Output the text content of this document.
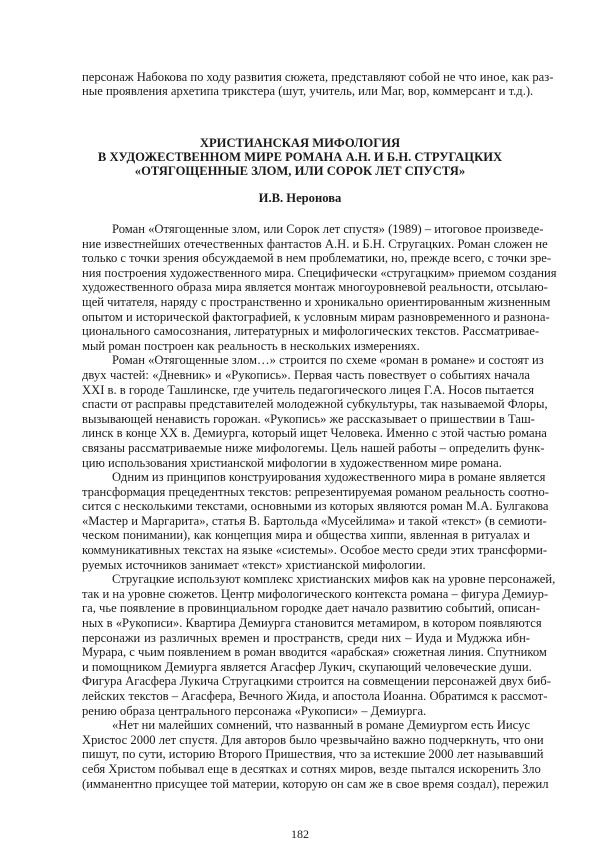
персонаж Набокова по ходу развития сюжета, представляют собой не что иное, как раз-
ные проявления архетипа трикстера (шут, учитель, или Маг, вор, коммерсант и т.д.).
ХРИСТИАНСКАЯ МИФОЛОГИЯ
В ХУДОЖЕСТВЕННОМ МИРЕ РОМАНА А.Н. И Б.Н. СТРУГАЦКИХ
«ОТЯГОЩЕННЫЕ ЗЛОМ, ИЛИ СОРОК ЛЕТ СПУСТЯ»
И.В. Неронова
Роман «Отягощенные злом, или Сорок лет спустя» (1989) – итоговое произведе-
ние известнейших отечественных фантастов А.Н. и Б.Н. Стругацких. Роман сложен не
только с точки зрения обсуждаемой в нем проблематики, но, прежде всего, с точки зре-
ния построения художественного мира. Специфически «стругацким» приемом создания
художественного образа мира является монтаж многоуровневой реальности, отсылаю-
щей читателя, наряду с пространственно и хроникально ориентированным жизненным
опытом и исторической фактографией, к условным мирам разновременного и разнона-
ционального самосознания, литературных и мифологических текстов. Рассматривае-
мый роман построен как реальность в нескольких измерениях.
Роман «Отягощенные злом…» строится по схеме «роман в романе» и состоят из
двух частей: «Дневник» и «Рукопись». Первая часть повествует о событиях начала
XXI в. в городе Ташлинске, где учитель педагогического лицея Г.А. Носов пытается
спасти от расправы представителей молодежной субкультуры, так называемой Флоры,
вызывающей ненависть горожан. «Рукопись» же рассказывает о пришествии в Таш-
линск в конце XX в. Демиурга, который ищет Человека. Именно с этой частью романа
связаны рассматриваемые ниже мифологемы. Цель нашей работы – определить функ-
цию использования христианской мифологии в художественном мире романа.
Одним из принципов конструирования художественного мира в романе является
трансформация прецедентных текстов: репрезентируемая романом реальность соотно-
сится с несколькими текстами, основными из которых являются роман М.А. Булгакова
«Мастер и Маргарита», статья В. Бартольда «Мусейлима» и такой «текст» (в семиоти-
ческом понимании), как концепция мира и общества хиппи, явленная в ритуалах и
коммуникативных текстах на языке «системы». Особое место среди этих трансформи-
руемых источников занимает «текст» христианской мифологии.
Стругацкие используют комплекс христианских мифов как на уровне персонажей,
так и на уровне сюжетов. Центр мифологического контекста романа – фигура Демиур-
га, чье появление в провинциальном городке дает начало развитию событий, описан-
ных в «Рукописи». Квартира Демиурга становится метамиром, в котором появляются
персонажи из различных времен и пространств, среди них – Иуда и Муджжа ибн-
Мурара, с чьим появлением в роман вводится «арабская» сюжетная линия. Спутником
и помощником Демиурга является Агасфер Лукич, скупающий человеческие души.
Фигура Агасфера Лукича Стругацкими строится на совмещении персонажей двух биб-
лейских текстов – Агасфера, Вечного Жида, и апостола Иоанна. Обратимся к рассмот-
рению образа центрального персонажа «Рукописи» – Демиурга.
«Нет ни малейших сомнений, что названный в романе Демиургом есть Иисус
Христос 2000 лет спустя. Для авторов было чрезвычайно важно подчеркнуть, что они
пишут, по сути, историю Второго Пришествия, что за истекшие 2000 лет называвший
себя Христом побывал еще в десятках и сотнях миров, везде пытался искоренить Зло
(имманентно присущее той материи, которую он сам же в свое время создал), пережил
182
